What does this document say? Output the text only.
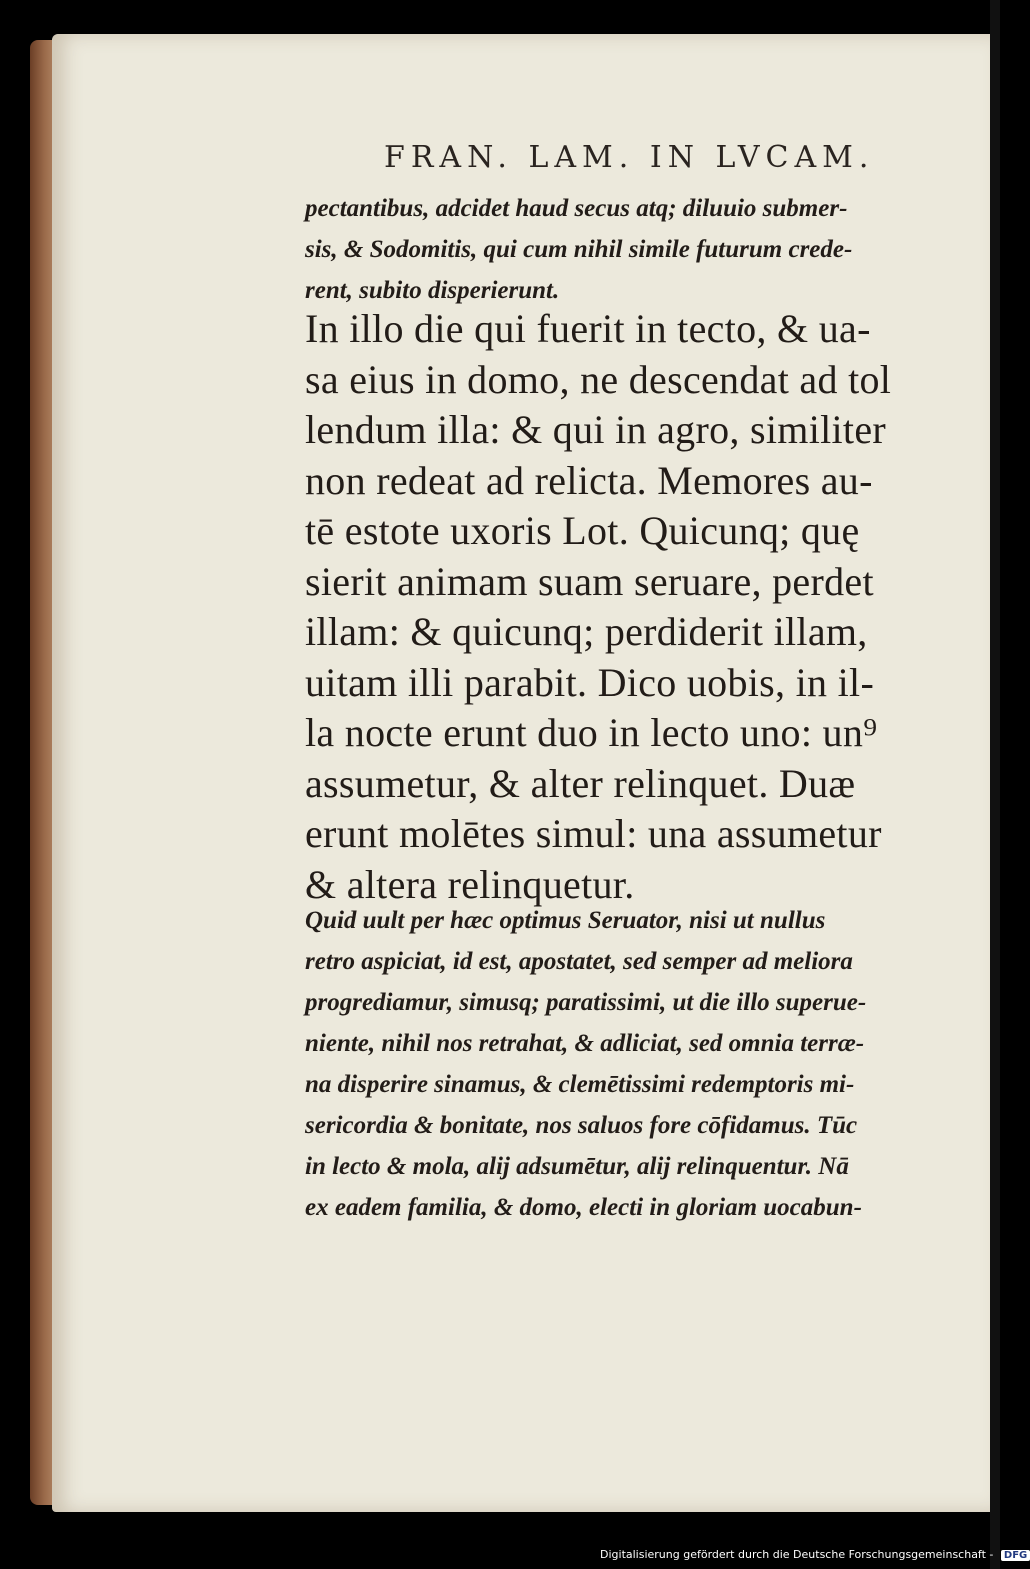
FRAN. LAM. IN LVCAM.
pectantibus, adcidet haud secus atq; diluuio submer-
sis, & Sodomitis, qui cum nihil simile futurum crede-
rent, subito disperierunt.
In illo die qui fuerit in tecto, & ua-
sa eius in domo, ne descendat ad tol
lendum illa: & qui in agro, similiter
non redeat ad relicta. Memores au-
tē estote uxoris Lot. Quicunq; quę
sierit animam suam seruare, perdet
illam: & quicunq; perdiderit illam,
uitam illi parabit. Dico uobis, in il-
la nocte erunt duo in lecto uno: un⁹
assumetur, & alter relinquet. Duæ
erunt molētes simul: una assumetur
& altera relinquetur.
Quid uult per hæc optimus Seruator, nisi ut nullus
retro aspiciat, id est, apostatet, sed semper ad meliora
progrediamur, simusq; paratissimi, ut die illo superue-
niente, nihil nos retrahat, & adliciat, sed omnia terræ-
na disperire sinamus, & clemētissimi redemptoris mi-
sericordia & bonitate, nos saluos fore cōfidamus. Tūc
in lecto & mola, alij adsumētur, alij relinquentur. Nā
ex eadem familia, & domo, electi in gloriam uocabun-
Digitalisierung gefördert durch die Deutsche Forschungsgemeinschaft - DFG
